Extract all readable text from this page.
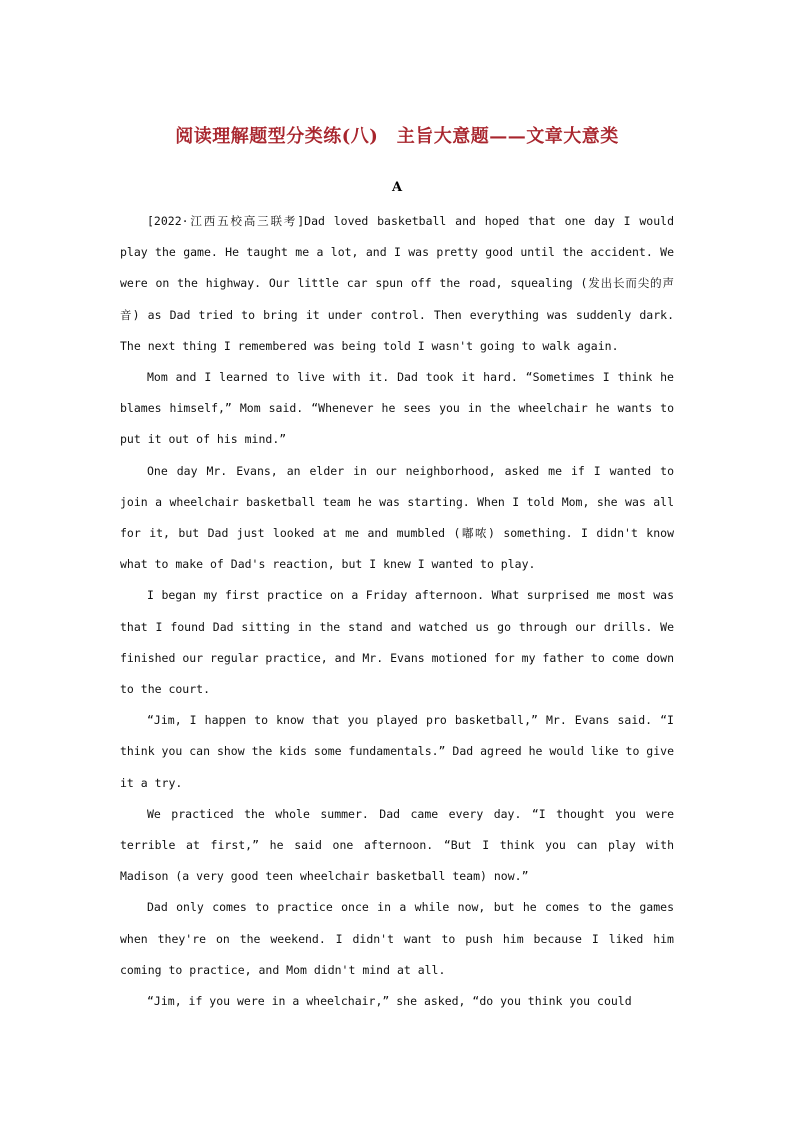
阅读理解题型分类练(八)　主旨大意题——文章大意类
A

[2022·江西五校高三联考]Dad loved basketball and hoped that one day I would play the game. He taught me a lot, and I was pretty good until the accident. We were on the highway. Our little car spun off the road, squealing (发出长而尖的声音) as Dad tried to bring it under control. Then everything was suddenly dark. The next thing I remembered was being told I wasn't going to walk again.

Mom and I learned to live with it. Dad took it hard. “Sometimes I think he blames himself,” Mom said. “Whenever he sees you in the wheelchair he wants to put it out of his mind.”

One day Mr. Evans, an elder in our neighborhood, asked me if I wanted to join a wheelchair basketball team he was starting. When I told Mom, she was all for it, but Dad just looked at me and mumbled (嘟哝) something. I didn't know what to make of Dad's reaction, but I knew I wanted to play.

I began my first practice on a Friday afternoon. What surprised me most was that I found Dad sitting in the stand and watched us go through our drills. We finished our regular practice, and Mr. Evans motioned for my father to come down to the court.

“Jim, I happen to know that you played pro basketball,” Mr. Evans said. “I think you can show the kids some fundamentals.” Dad agreed he would like to give it a try.

We practiced the whole summer. Dad came every day. “I thought you were terrible at first,” he said one afternoon. “But I think you can play with Madison (a very good teen wheelchair basketball team) now.”

Dad only comes to practice once in a while now, but he comes to the games when they're on the weekend. I didn't want to push him because I liked him coming to practice, and Mom didn't mind at all.

“Jim, if you were in a wheelchair,” she asked, “do you think you could
